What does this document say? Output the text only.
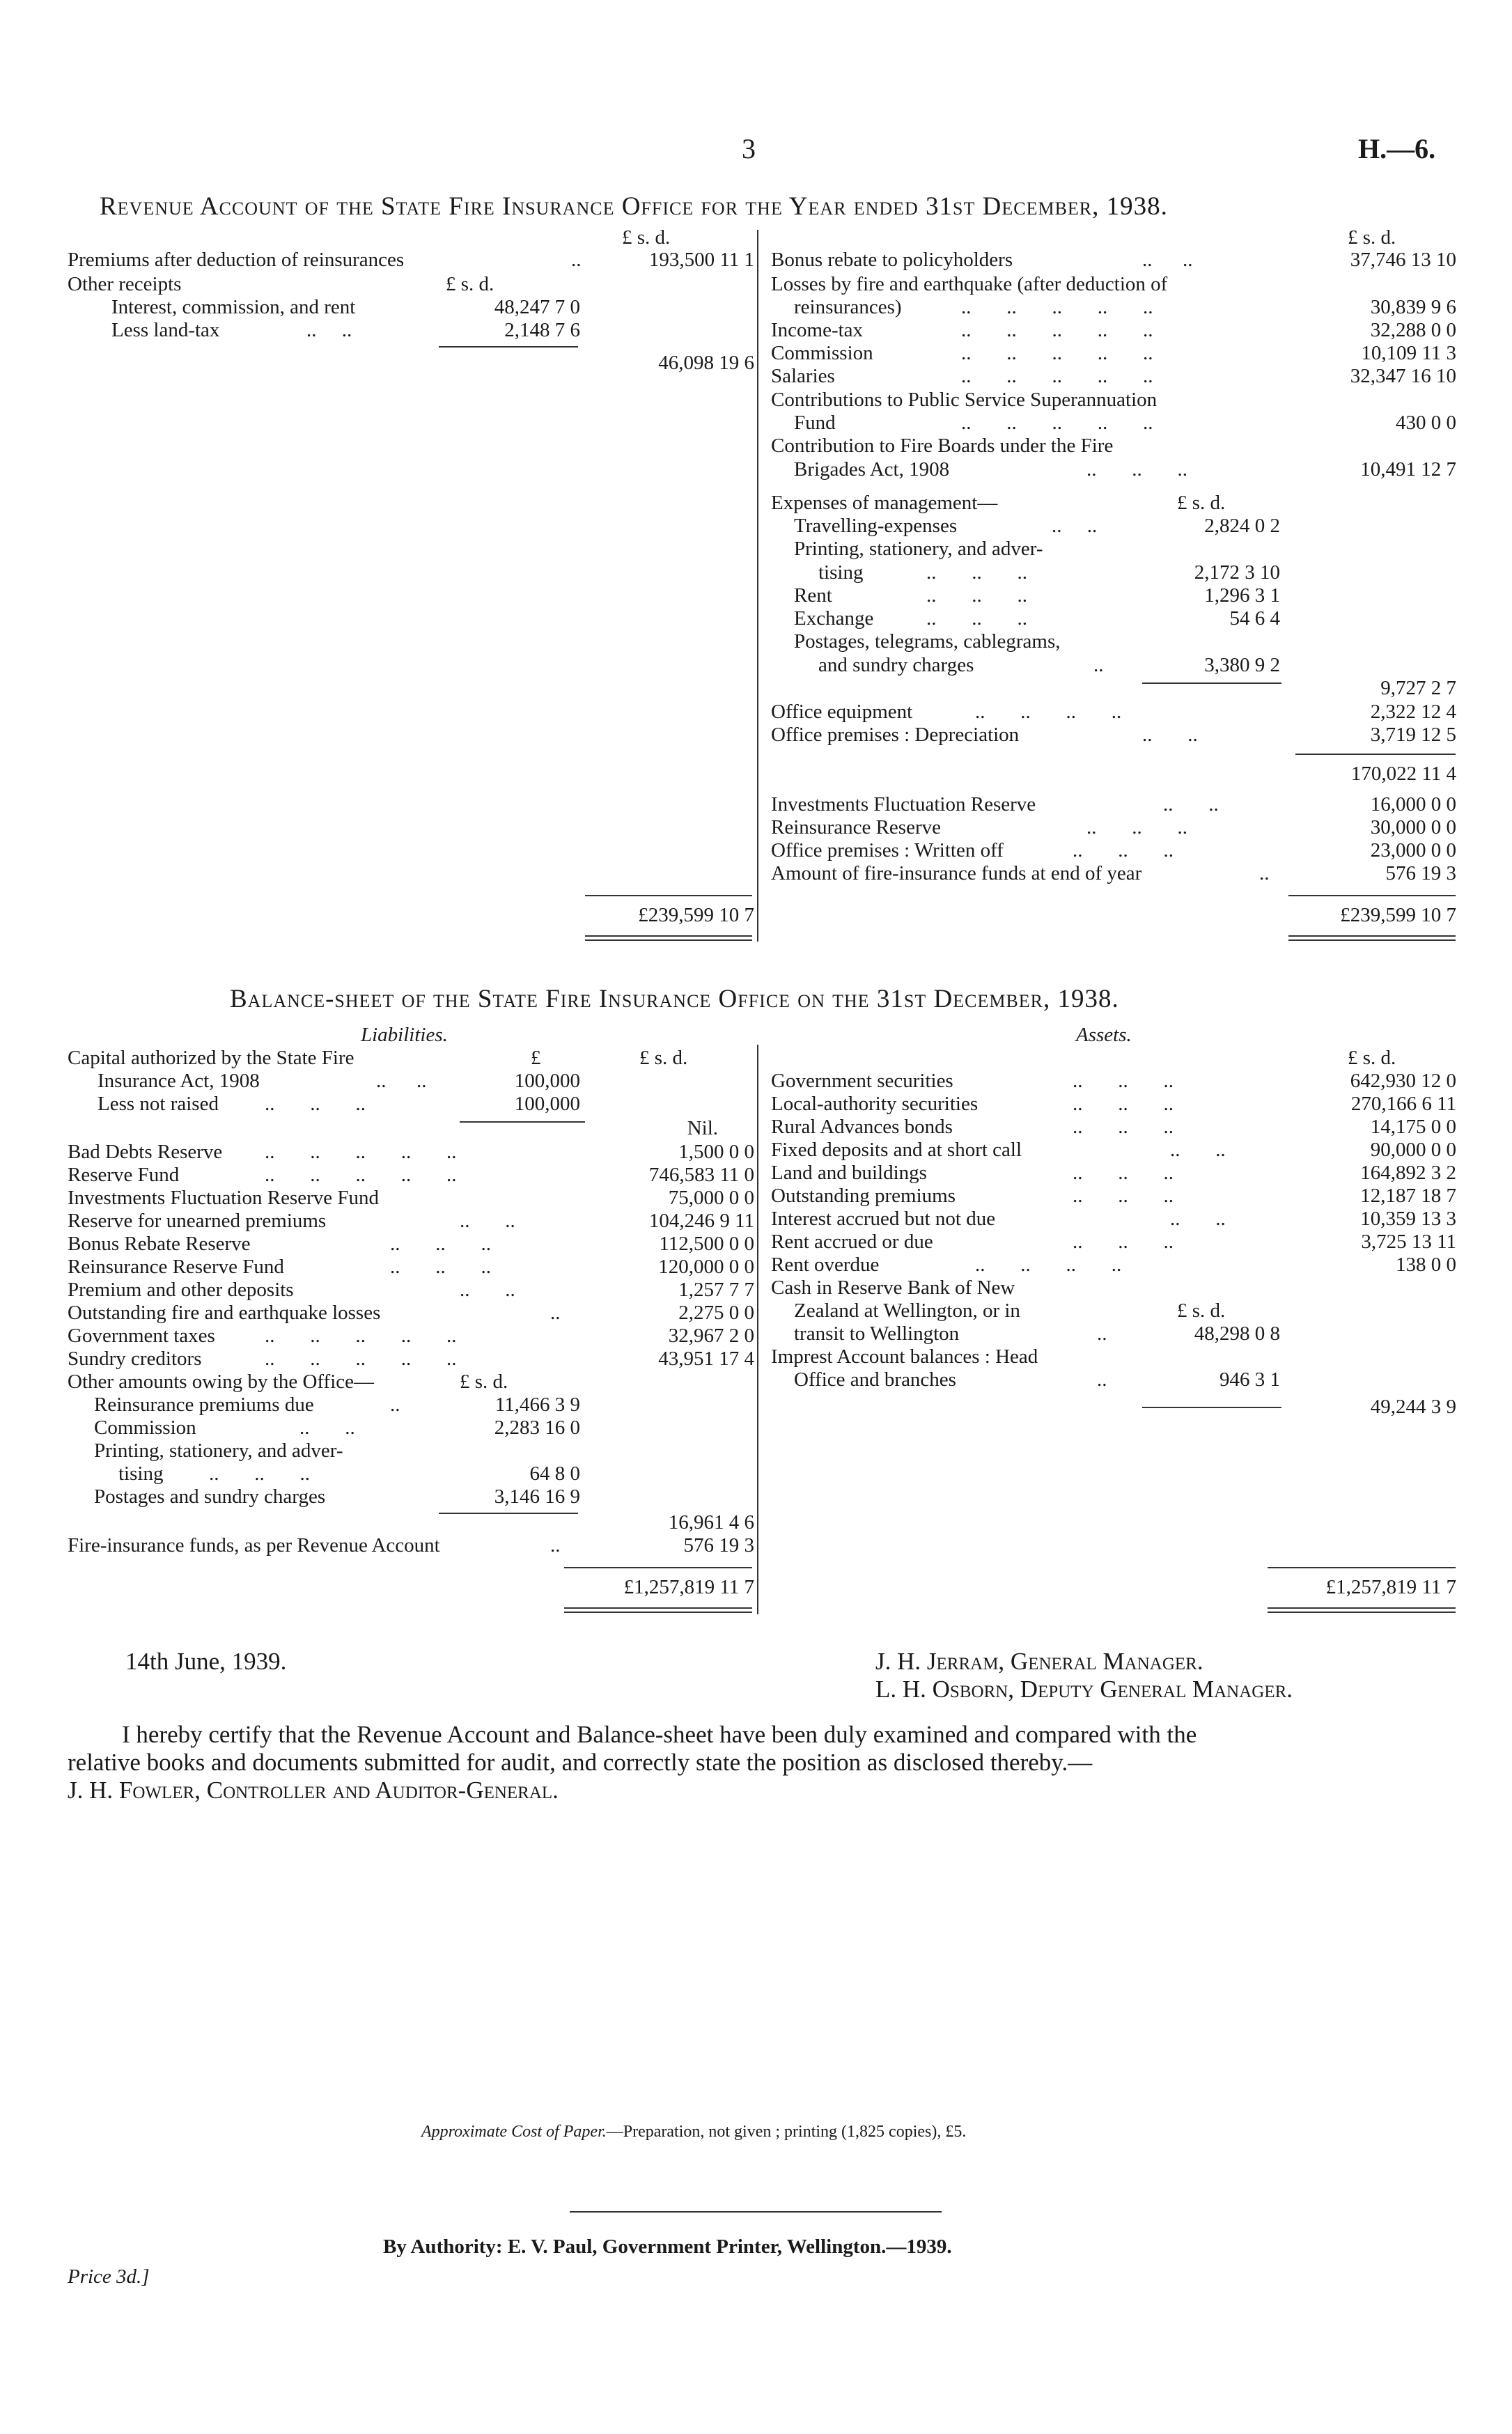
3	H.—6.
Revenue Account of the State Fire Insurance Office for the Year ended 31st December, 1938.
£ s. d.
Premiums after deduction of reinsurances	..	193,500 11 1
Other receipts	£ s. d.
Interest, commission, and rent	48,247 7 0
Less land-tax	..     ..	2,148 7 6
46,098 19 6
£239,599 10 7
£ s. d.
Bonus rebate to policyholders	..      ..	37,746 13 10
Losses by fire and earthquake (after deduction of
reinsurances)	..       ..       ..       ..       ..	30,839 9 6
Income-tax	..       ..       ..       ..       ..	32,288 0 0
Commission	..       ..       ..       ..       ..	10,109 11 3
Salaries	..       ..       ..       ..       ..	32,347 16 10
Contributions to Public Service Superannuation
Fund	..       ..       ..       ..       ..	430 0 0
Contribution to Fire Boards under the Fire
Brigades Act, 1908	..       ..       ..	10,491 12 7
Expenses of management—	£ s. d.
Travelling-expenses	..     ..	2,824 0 2
Printing, stationery, and adver-
tising	..       ..       ..	2,172 3 10
Rent	..       ..       ..	1,296 3 1
Exchange	..       ..       ..	54 6 4
Postages, telegrams, cablegrams,
and sundry charges	..	3,380 9 2
9,727 2 7
Office equipment	..       ..       ..       ..	2,322 12 4
Office premises : Depreciation	..       ..	3,719 12 5
170,022 11 4
Investments Fluctuation Reserve	..       ..	16,000 0 0
Reinsurance Reserve	..       ..       ..	30,000 0 0
Office premises : Written off	..       ..       ..	23,000 0 0
Amount of fire-insurance funds at end of year	..	576 19 3
£239,599 10 7
Balance-sheet of the State Fire Insurance Office on the 31st December, 1938.
Liabilities.	Assets.
£	£ s. d.
Capital authorized by the State Fire
Insurance Act, 1908	..      ..	100,000
Less not raised ..       ..       ..	100,000
Nil.
Bad Debts Reserve ..       ..       ..       ..       ..	1,500 0 0
Reserve Fund	..       ..       ..       ..       ..	746,583 11 0
Investments Fluctuation Reserve Fund	75,000 0 0
Reserve for unearned premiums	..       ..	104,246 9 11
Bonus Rebate Reserve	..       ..       ..	112,500 0 0
Reinsurance Reserve Fund	..       ..       ..	120,000 0 0
Premium and other deposits	..       ..	1,257 7 7
Outstanding fire and earthquake losses	..	2,275 0 0
Government taxes ..       ..       ..       ..       ..	32,967 2 0
Sundry creditors	..       ..       ..       ..       ..	43,951 17 4
Other amounts owing by the Office—	£ s. d.
Reinsurance premiums due	..	11,466 3 9
Commission	..       ..	2,283 16 0
Printing, stationery, and adver-
tising ..       ..       ..	64 8 0
Postages and sundry charges	3,146 16 9
16,961 4 6
Fire-insurance funds, as per Revenue Account	..	576 19 3
£1,257,819 11 7
£ s. d.
Government securities	..       ..       ..	642,930 12 0
Local-authority securities	..       ..       ..	270,166 6 11
Rural Advances bonds	..       ..       ..	14,175 0 0
Fixed deposits and at short call	..       ..	90,000 0 0
Land and buildings	..       ..       ..	164,892 3 2
Outstanding premiums	..       ..       ..	12,187 18 7
Interest accrued but not due	..       ..	10,359 13 3
Rent accrued or due	..       ..       ..	3,725 13 11
Rent overdue	..       ..       ..       ..	138 0 0
Cash in Reserve Bank of New
Zealand at Wellington, or in	£ s. d.
transit to Wellington	..	48,298 0 8
Imprest Account balances : Head
Office and branches	..	946 3 1
49,244 3 9
£1,257,819 11 7
14th June, 1939.	J. H. Jerram, General Manager.
L. H. Osborn, Deputy General Manager.
I hereby certify that the Revenue Account and Balance-sheet have been duly examined and compared with the
relative books and documents submitted for audit, and correctly state the position as disclosed thereby.—
J. H. Fowler, Controller and Auditor-General.
Approximate Cost of Paper.—Preparation, not given ; printing (1,825 copies), £5.
By Authority: E. V. Paul, Government Printer, Wellington.—1939.
Price 3d.]
